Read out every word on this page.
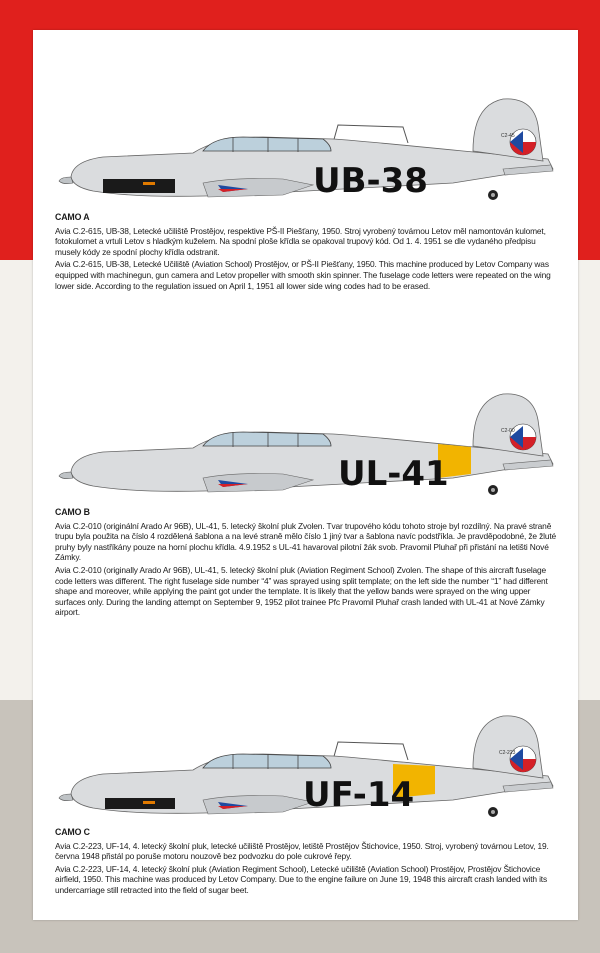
C2-45
UB-38
CAMO A

Avia C.2-615, UB-38, Letecké učiliště Prostějov, respektive PŠ-II Piešťany, 1950. Stroj vyrobený továrnou Letov měl namontován kulomet, fotokulomet a vrtuli Letov s hladkým kuželem. Na spodní ploše křídla se opakoval trupový kód. Od 1. 4. 1951 se dle vydaného předpisu musely kódy ze spodní plochy křídla odstranit.

Avia C.2-615, UB-38, Letecké Učiliště (Aviation School) Prostějov, or PŠ-II Piešťany, 1950. This machine produced by Letov Company was equipped with machinegun, gun camera and Letov propeller with smooth skin spinner. The fuselage code letters were repeated on the wing lower side. According to the regulation issued on April 1, 1951 all lower side wing codes had to be erased.

C2-00
UL-41
CAMO B

Avia C.2-010 (originální Arado Ar 96B), UL-41, 5. letecký školní pluk Zvolen. Tvar trupového kódu tohoto stroje byl rozdílný. Na pravé straně trupu byla použita na číslo 4 rozdělená šablona a na levé straně mělo číslo 1 jiný tvar a šablona navíc podstříkla. Je pravděpodobné, že žluté pruhy byly nastříkány pouze na horní plochu křídla. 4.9.1952 s UL-41 havaroval pilotní žák svob. Pravomil Pluhař při přistání na letišti Nové Zámky.

Avia C.2-010 (originally Arado Ar 96B), UL-41, 5. letecký školní pluk (Aviation Regiment School) Zvolen. The shape of this aircraft fuselage code letters was different. The right fuselage side number “4” was sprayed using split template; on the left side the number “1” had different shape and moreover, while applying the paint got under the template. It is likely that the yellow bands were sprayed on the wing upper surfaces only. During the landing attempt on September 9, 1952 pilot trainee Pfc Pravomil Pluhař crash landed with UL-41 at Nové Zámky airport.

C2-223
UF-14
CAMO C

Avia C.2-223, UF-14, 4. letecký školní pluk, letecké učiliště Prostějov, letiště Prostějov Štichovice, 1950. Stroj, vyrobený továrnou Letov, 19. června 1948 přistál po poruše motoru nouzově bez podvozku do pole cukrové řepy.

Avia C.2-223, UF-14, 4. letecký školní pluk (Aviation Regiment School), Letecké učiliště (Aviation School) Prostějov, Prostějov Štichovice airfield, 1950. This machine was produced by Letov Company. Due to the engine failure on June 19, 1948 this aircraft crash landed with its undercarriage still retracted into the field of sugar beet.
